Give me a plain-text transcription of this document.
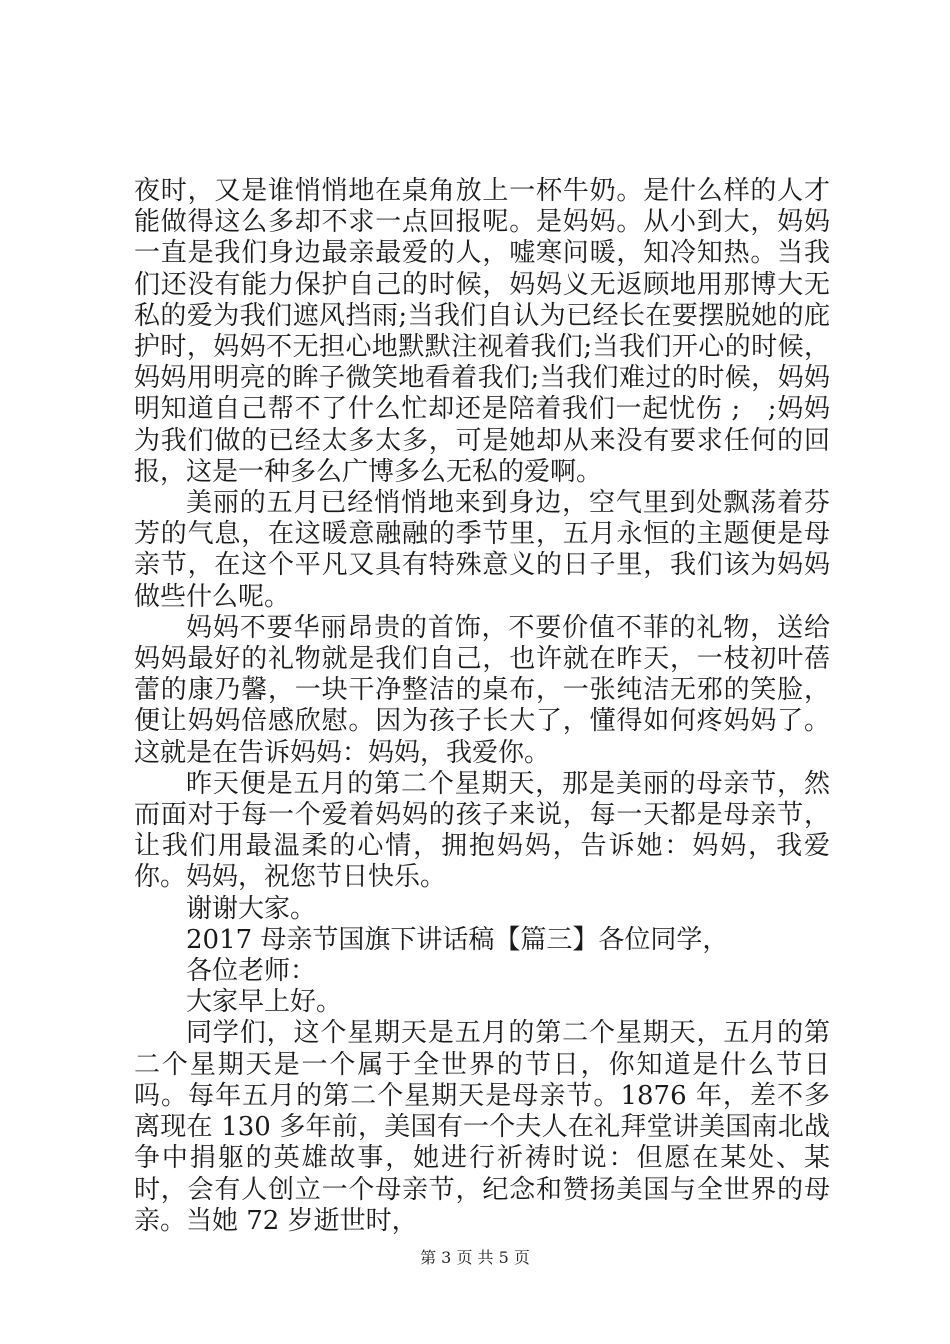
夜时，又是谁悄悄地在桌角放上一杯牛奶。是什么样的人才能做得这么多却不求一点回报呢。是妈妈。从小到大，妈妈一直是我们身边最亲最爱的人，嘘寒问暖，知冷知热。当我们还没有能力保护自己的时候，妈妈义无返顾地用那博大无私的爱为我们遮风挡雨;当我们自认为已经长在要摆脱她的庇护时，妈妈不无担心地默默注视着我们;当我们开心的时候，妈妈用明亮的眸子微笑地看着我们;当我们难过的时候，妈妈明知道自己帮不了什么忙却还是陪着我们一起忧伤 ;　;妈妈为我们做的已经太多太多，可是她却从来没有要求任何的回报，这是一种多么广博多么无私的爱啊。

美丽的五月已经悄悄地来到身边，空气里到处飘荡着芬芳的气息，在这暖意融融的季节里，五月永恒的主题便是母亲节，在这个平凡又具有特殊意义的日子里，我们该为妈妈做些什么呢。

妈妈不要华丽昂贵的首饰，不要价值不菲的礼物，送给妈妈最好的礼物就是我们自己，也许就在昨天，一枝初叶蓓蕾的康乃馨，一块干净整洁的桌布，一张纯洁无邪的笑脸，便让妈妈倍感欣慰。因为孩子长大了，懂得如何疼妈妈了。这就是在告诉妈妈：妈妈，我爱你。

昨天便是五月的第二个星期天，那是美丽的母亲节，然而面对于每一个爱着妈妈的孩子来说，每一天都是母亲节，让我们用最温柔的心情，拥抱妈妈，告诉她：妈妈，我爱你。妈妈，祝您节日快乐。

谢谢大家。

2017 母亲节国旗下讲话稿【篇三】各位同学，

各位老师：

大家早上好。

同学们，这个星期天是五月的第二个星期天，五月的第二个星期天是一个属于全世界的节日，你知道是什么节日吗。每年五月的第二个星期天是母亲节。1876 年，差不多离现在 130 多年前，美国有一个夫人在礼拜堂讲美国南北战争中捐躯的英雄故事，她进行祈祷时说：但愿在某处、某时，会有人创立一个母亲节，纪念和赞扬美国与全世界的母亲。当她 72 岁逝世时，

第 3 页 共 5 页
